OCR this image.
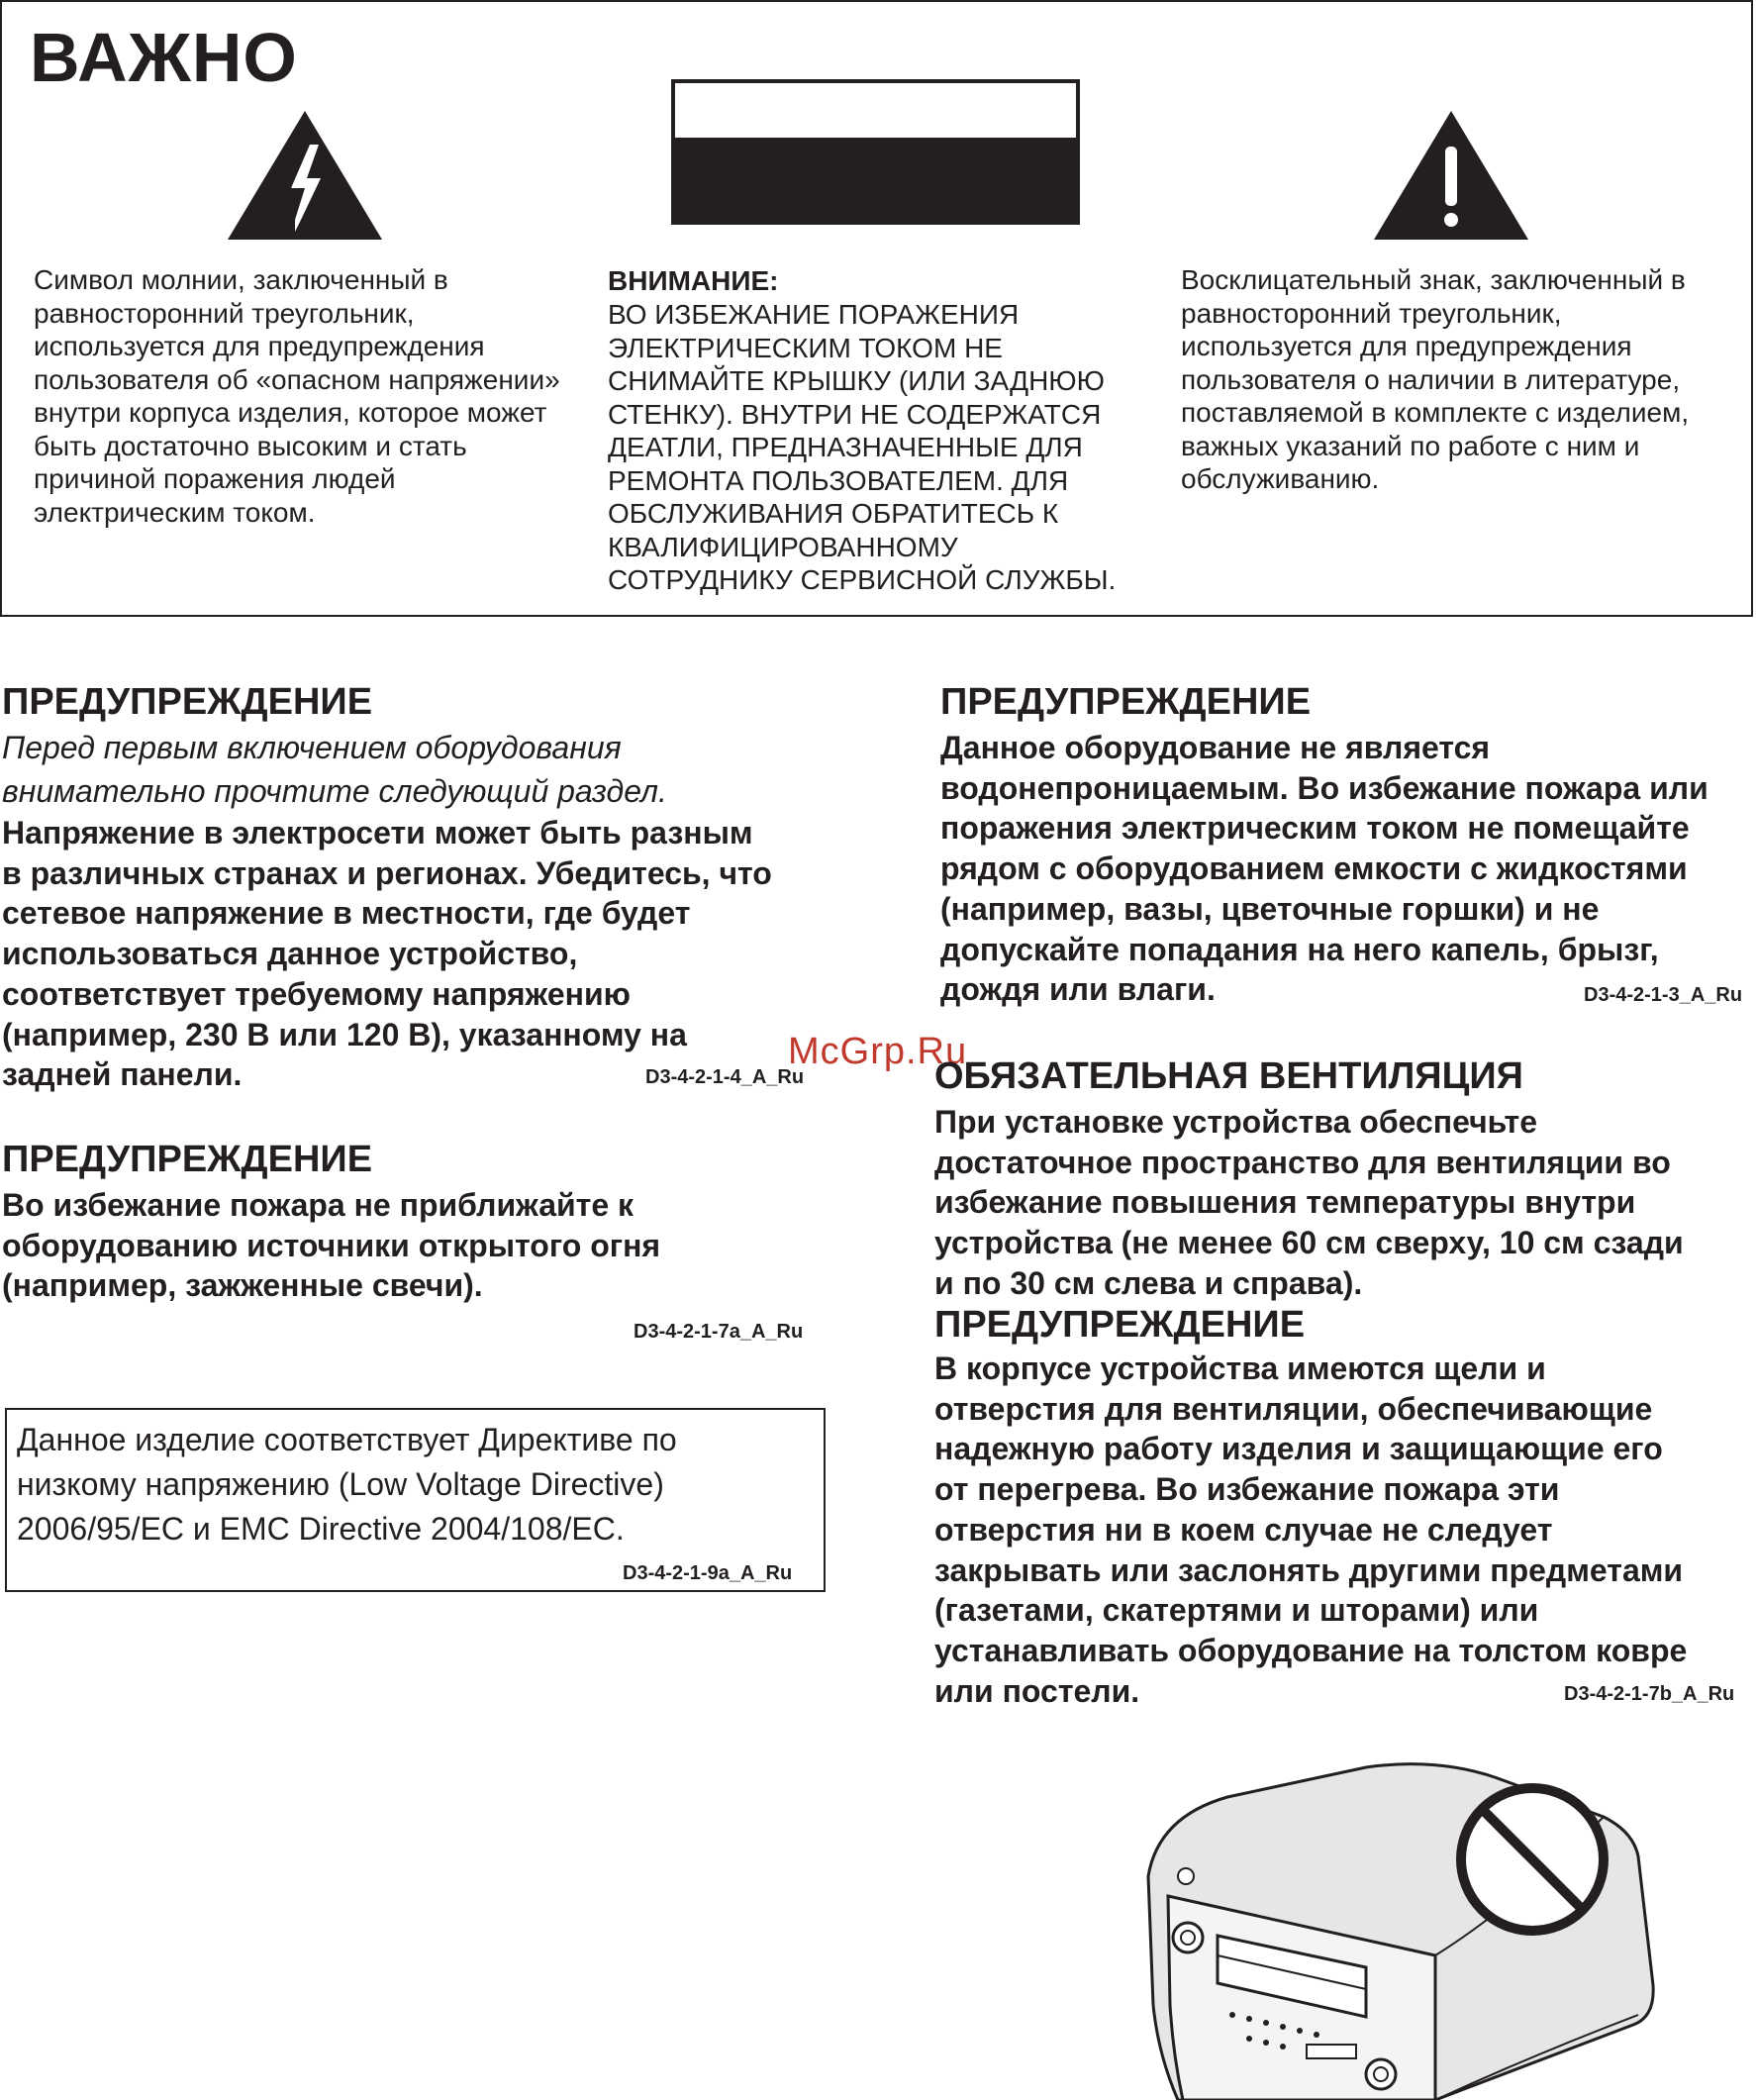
ВАЖНО
Символ молнии, заключенный в
равносторонний треугольник,
используется для предупреждения
пользователя об «опасном напряжении»
внутри корпуса изделия, которое может
быть достаточно высоким и стать
причиной поражения людей
электрическим током.
ВНИМАНИЕ:
ВО ИЗБЕЖАНИЕ ПОРАЖЕНИЯ
ЭЛЕКТРИЧЕСКИМ ТОКОМ НЕ
СНИМАЙТЕ КРЫШКУ (ИЛИ ЗАДНЮЮ
СТЕНКУ). ВНУТРИ НЕ СОДЕРЖАТСЯ
ДЕАТЛИ, ПРЕДНАЗНАЧЕННЫЕ ДЛЯ
РЕМОНТА ПОЛЬЗОВАТЕЛЕМ. ДЛЯ
ОБСЛУЖИВАНИЯ ОБРАТИТЕСЬ К
КВАЛИФИЦИРОВАННОМУ
СОТРУДНИКУ СЕРВИСНОЙ СЛУЖБЫ.
Восклицательный знак, заключенный в
равносторонний треугольник,
используется для предупреждения
пользователя о наличии в литературе,
поставляемой в комплекте с изделием,
важных указаний по работе с ним и
обслуживанию.
ПРЕДУПРЕЖДЕНИЕ
Перед первым включением оборудования
внимательно прочтите следующий раздел.
Напряжение в электросети может быть разным
в различных странах и регионах. Убедитесь, что
сетевое напряжение в местности, где будет
использоваться данное устройство,
соответствует требуемому напряжению
(например, 230 В или 120 В), указанному на
задней панели.	D3-4-2-1-4_A_Ru
ПРЕДУПРЕЖДЕНИЕ
Во избежание пожара не приближайте к
оборудованию источники открытого огня
(например, зажженные свечи).
D3-4-2-1-7a_A_Ru
Данное изделие соответствует Директиве по
низкому напряжению (Low Voltage Directive)
2006/95/EC и EMC Directive 2004/108/EC.
D3-4-2-1-9a_A_Ru
ПРЕДУПРЕЖДЕНИЕ
Данное оборудование не является
водонепроницаемым. Во избежание пожара или
поражения электрическим током не помещайте
рядом с оборудованием емкости с жидкостями
(например, вазы, цветочные горшки) и не
допускайте попадания на него капель, брызг,
дождя или влаги.	D3-4-2-1-3_A_Ru
McGrp.Ru
ОБЯЗАТЕЛЬНАЯ ВЕНТИЛЯЦИЯ
При установке устройства обеспечьте
достаточное пространство для вентиляции во
избежание повышения температуры внутри
устройства (не менее 60 см сверху, 10 см сзади
и по 30 см слева и справа).
ПРЕДУПРЕЖДЕНИЕ
В корпусе устройства имеются щели и
отверстия для вентиляции, обеспечивающие
надежную работу изделия и защищающие его
от перегрева. Во избежание пожара эти
отверстия ни в коем случае не следует
закрывать или заслонять другими предметами
(газетами, скатертями и шторами) или
устанавливать оборудование на толстом ковре
или постели.	D3-4-2-1-7b_A_Ru
